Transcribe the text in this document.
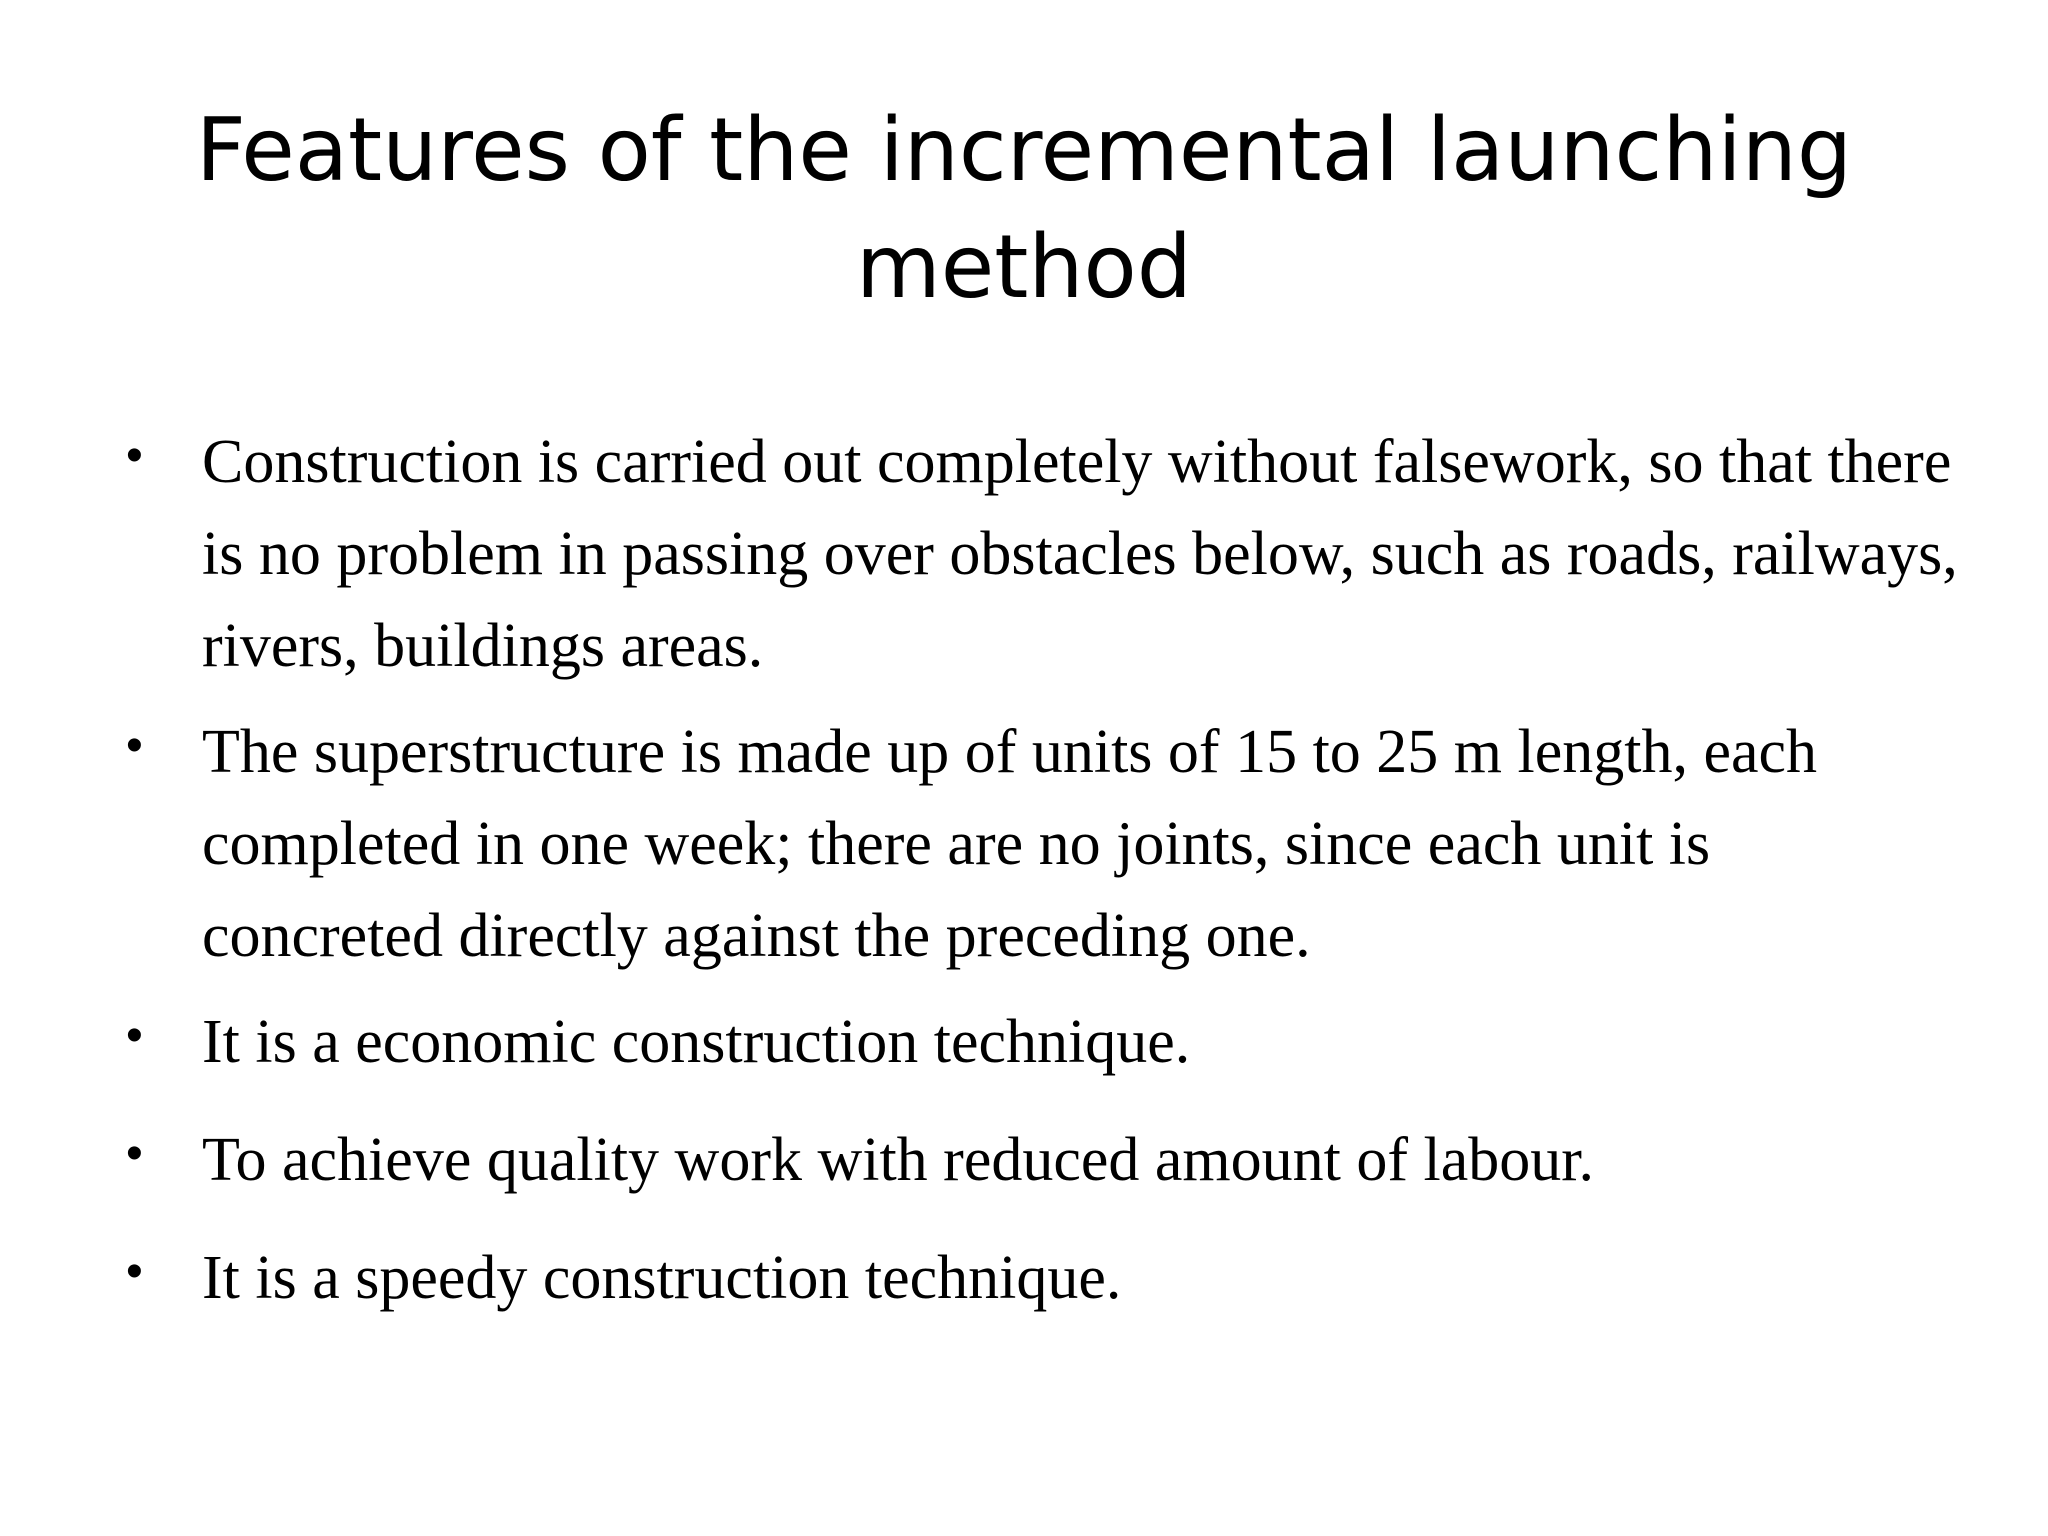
Features of the incremental launching method
• Construction is carried out completely without falsework, so that there is no problem in passing over obstacles below, such as roads, railways, rivers, buildings areas.
• The superstructure is made up of units of 15 to 25 m length, each completed in one week; there are no joints, since each unit is concreted directly against the preceding one.
• It is a economic construction technique.
• To achieve quality work with reduced amount of labour.
• It is a speedy construction technique.
